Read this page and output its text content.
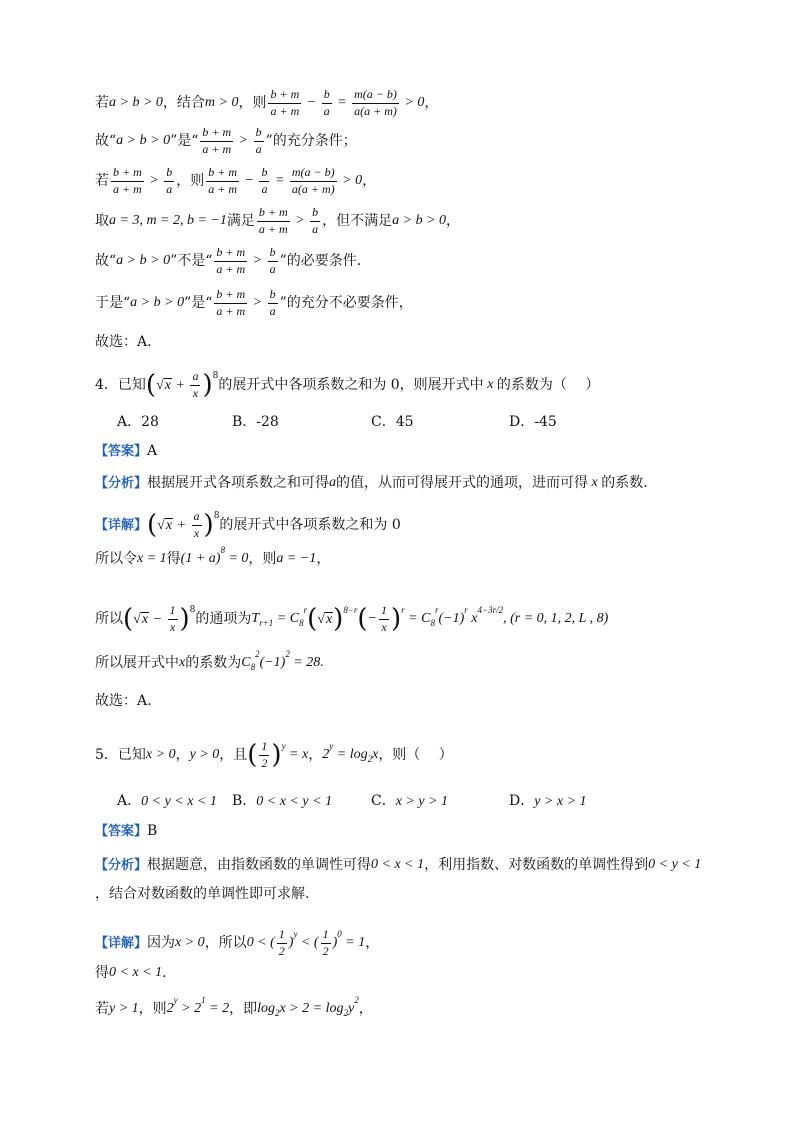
若 a > b > 0 ，结合 m > 0 ，则 $\frac{b + m}{a + m} - \frac{b}{a} = \frac{m(a - b)}{a(a + m)} > 0$ ，
故“ a > b > 0 ”是“ $\frac{b + m}{a + m} > \frac{b}{a}$ ”的充分条件；
若 $\frac{b + m}{a + m} > \frac{b}{a}$ ，则 $\frac{b + m}{a + m} - \frac{b}{a} = \frac{m(a - b)}{a(a + m)} > 0$ ，
取 a = 3, m = 2, b = −1 满足 $\frac{b + m}{a + m} > \frac{b}{a}$ ，但不满足 a > b > 0 ，
故“ a > b > 0 ”不是“ $\frac{b + m}{a + m} > \frac{b}{a}$ ”的必要条件．
于是“ a > b > 0 ”是“ $\frac{b + m}{a + m} > \frac{b}{a}$ ”的充分不必要条件，
故选：A．
4．已知 ( $√x + \frac{a}{x}$ ) 8
的展开式中各项系数之和为 0，则展开式中 x 的系数为（　 ）
A．28	B．-28	C．45	D．-45
【答案】 A
【分析】 根据展开式各项系数之和可得 a 的值，从而可得展开式的通项，进而可得 x 的系数.
【详解】 ( $√x + \frac{a}{x}$ ) 8
的展开式中各项系数之和为 0
所以令 x = 1 得 $(1 + a)^8 = 0$ ，则 a = −1 ，
所以 ( $√x - \frac{1}{x}$ ) 8
的通项为 $T_{r+1} = C_8^r$ ( √x ) 8−r ( − $\frac{1}{x}$ ) r
= $C_8^r(-1)^r$ $x^{4-3r/2}$, (r = 0, 1, 2, L , 8)
所以展开式中 x 的系数为 $C_8^2(-1)^2 = 28$.
故选：A.
5．已知 x > 0 ， y > 0 ，且 ( $\frac{1}{2}$ ) y
= x ， $2^y = \log_2x$ ，则（　 ）
A．0 < y < x < 1 B．0 < x < y < 1	C．x > y > 1	D．y > x > 1
【答案】 B
【分析】 根据题意，由指数函数的单调性可得 0 < x < 1 ，利用指数、对数函数的单调性得到 0 < y < 1
，结合对数函数的单调性即可求解.
【详解】 因为 x > 0 ，所以 0 < ( $\frac{1}{2} )^y$ < ( $\frac{1}{2} )^0 = 1$ ，
得 0 < x < 1 .
若 y > 1 ，则 $2^y > 2^1 = 2$ ，即 $\log_2x > 2 = \log_2y^2$
，
